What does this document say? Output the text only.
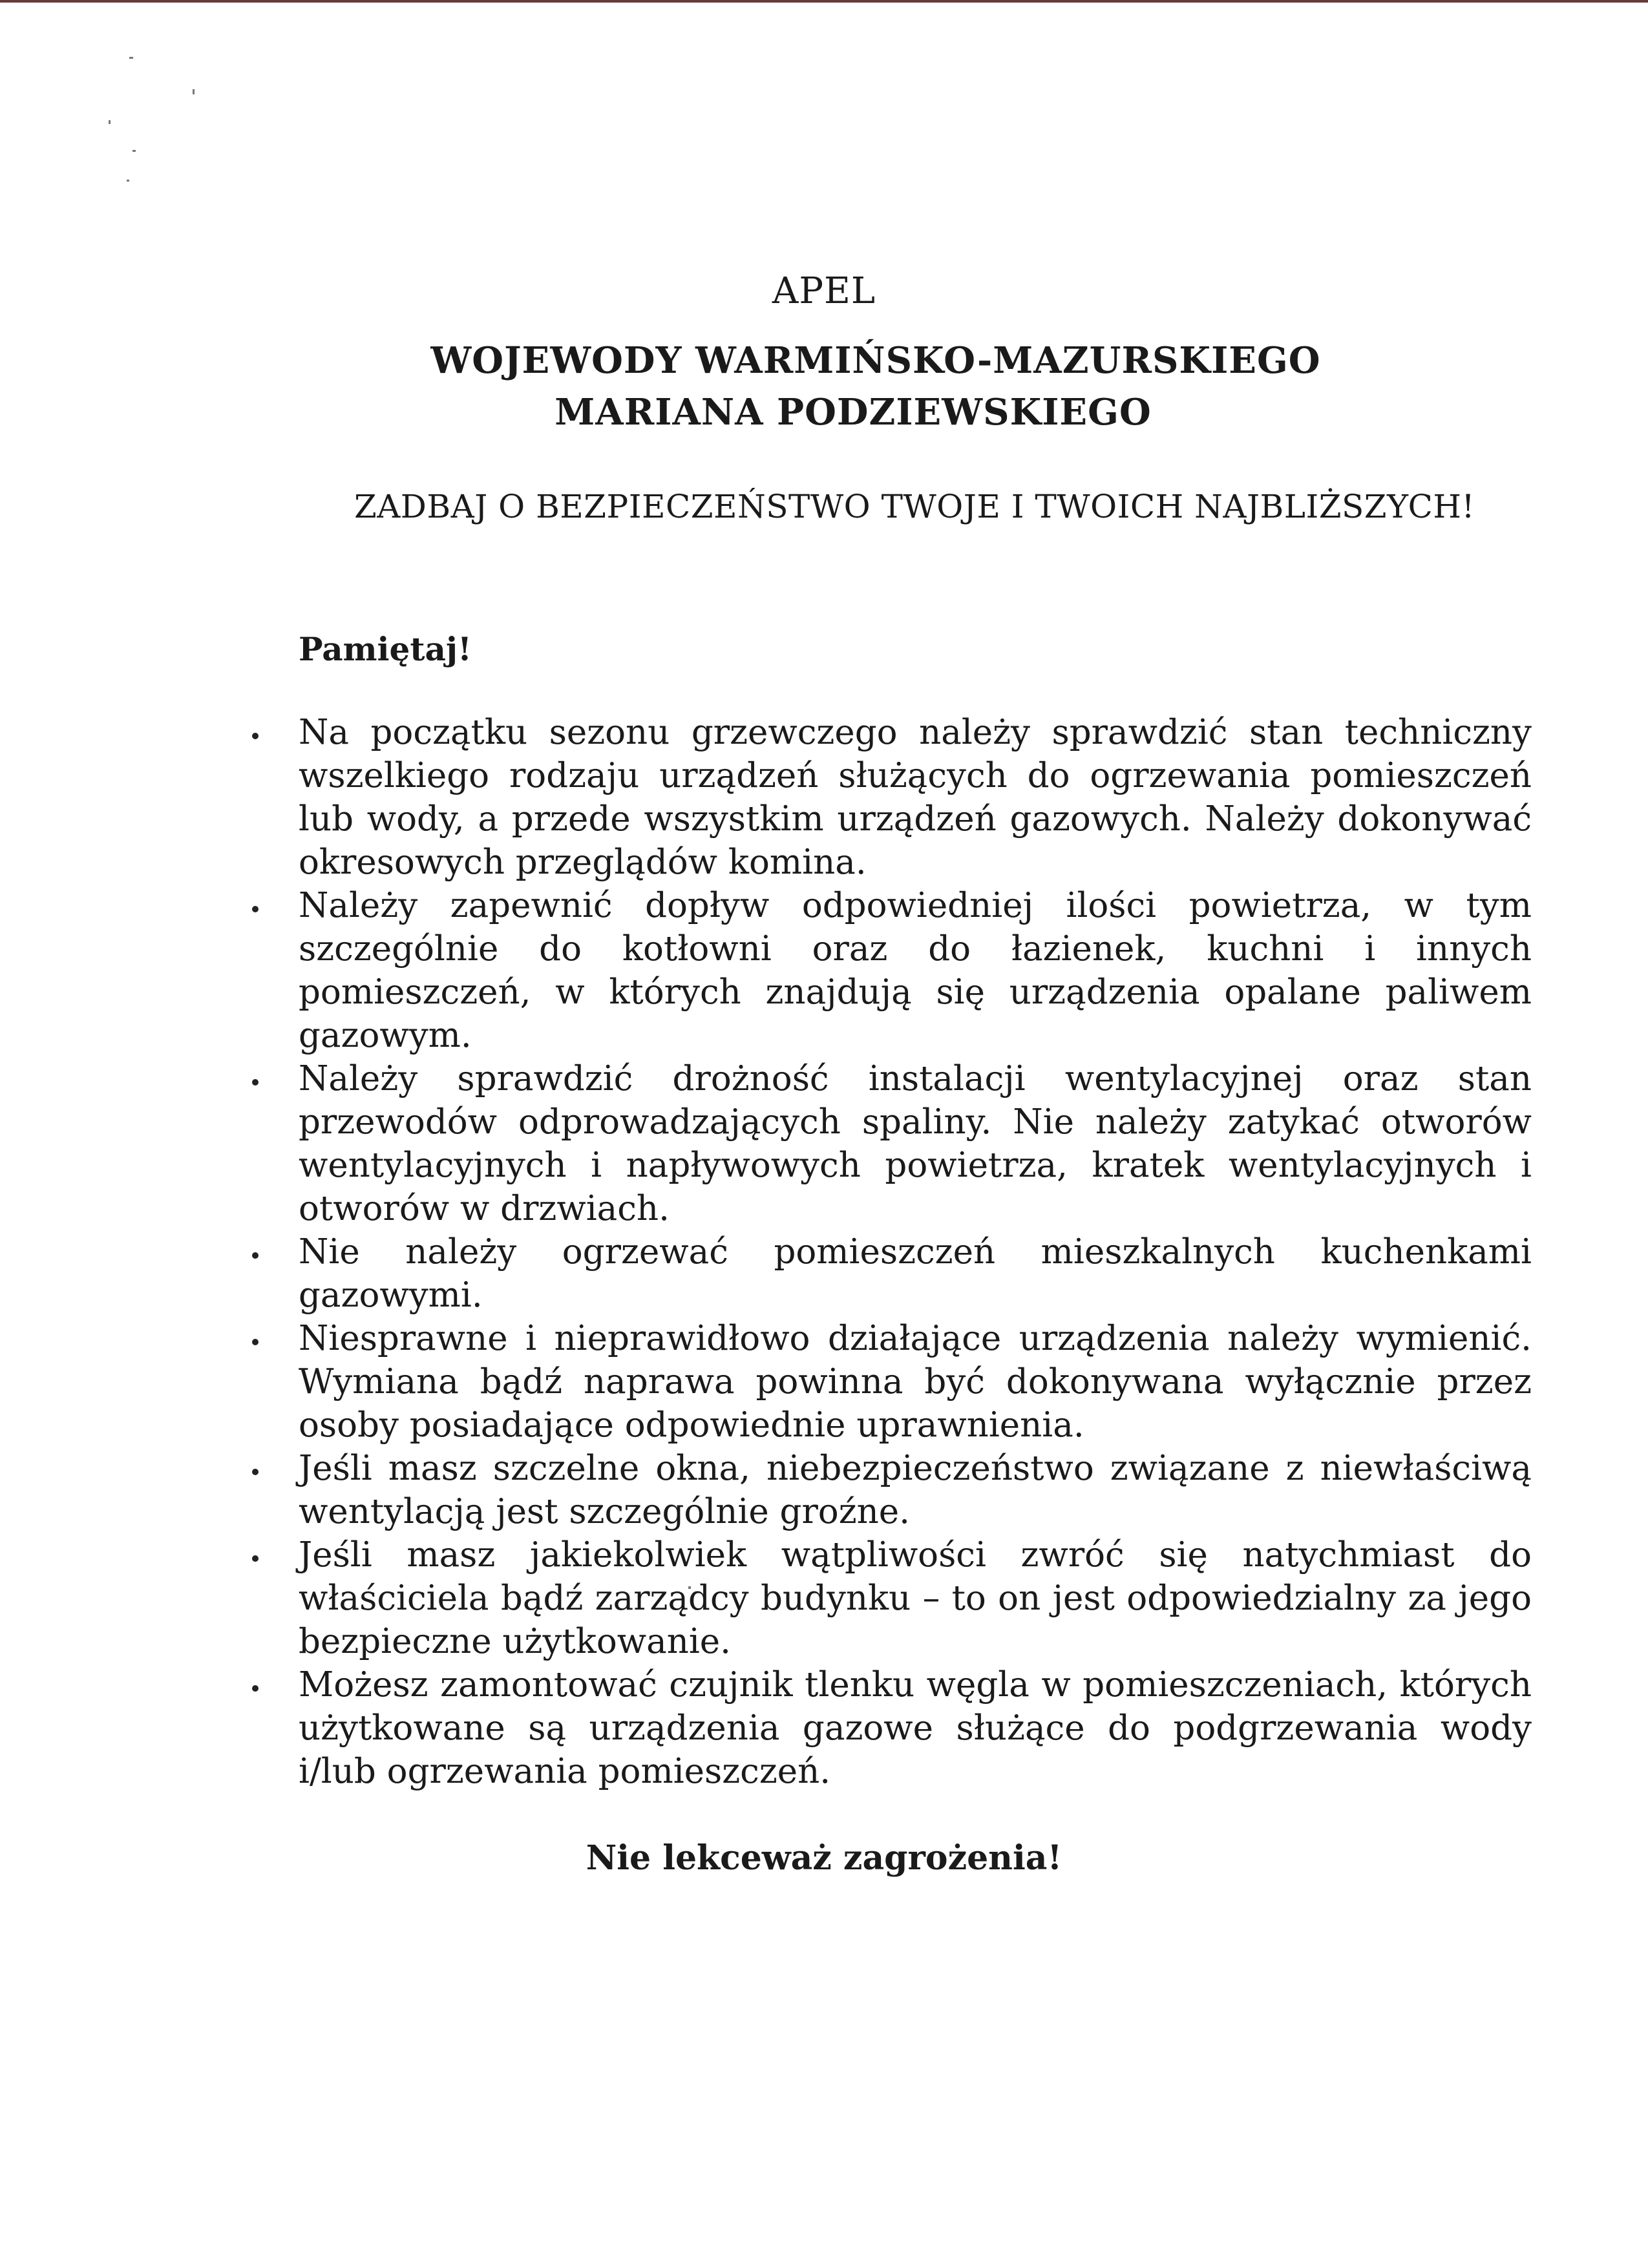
APEL
WOJEWODY WARMIŃSKO-MAZURSKIEGO
MARIANA PODZIEWSKIEGO
ZADBAJ O BEZPIECZEŃSTWO TWOJE I TWOICH NAJBLIŻSZYCH!
Pamiętaj!
Na początku sezonu grzewczego należy sprawdzić stan techniczny wszelkiego rodzaju urządzeń służących do ogrzewania pomieszczeń lub wody, a przede wszystkim urządzeń gazowych. Należy dokonywać okresowych przeglądów komina.
Należy zapewnić dopływ odpowiedniej ilości powietrza, w tym szczególnie do kotłowni oraz do łazienek, kuchni i innych pomieszczeń, w których znajdują się urządzenia opalane paliwem gazowym.
Należy sprawdzić drożność instalacji wentylacyjnej oraz stan przewodów odprowadzających spaliny. Nie należy zatykać otworów wentylacyjnych i napływowych powietrza, kratek wentylacyjnych i otworów w drzwiach.
Nie należy ogrzewać pomieszczeń mieszkalnych kuchenkami gazowymi.
Niesprawne i nieprawidłowo działające urządzenia należy wymienić. Wymiana bądź naprawa powinna być dokonywana wyłącznie przez osoby posiadające odpowiednie uprawnienia.
Jeśli masz szczelne okna, niebezpieczeństwo związane z niewłaściwą wentylacją jest szczególnie groźne.
Jeśli masz jakiekolwiek wątpliwości zwróć się natychmiast do właściciela bądź zarządcy budynku – to on jest odpowiedzialny za jego bezpieczne użytkowanie.
Możesz zamontować czujnik tlenku węgla w pomieszczeniach, których użytkowane są urządzenia gazowe służące do podgrzewania wody i/lub ogrzewania pomieszczeń.
Nie lekceważ zagrożenia!
